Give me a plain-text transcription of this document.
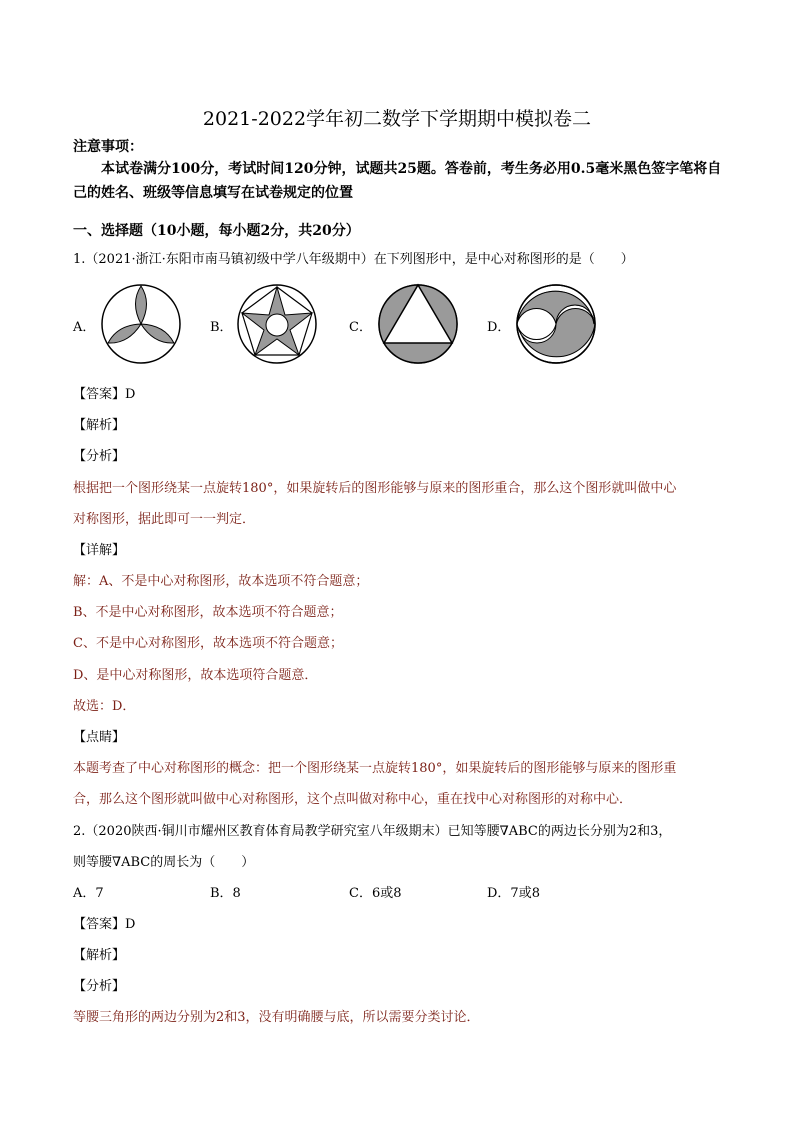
2021-2022学年初二数学下学期期中模拟卷二
注意事项：
本试卷满分100分，考试时间120分钟，试题共25题。答卷前，考生务必用0.5毫米黑色签字笔将自己的姓名、班级等信息填写在试卷规定的位置
一、选择题（10小题，每小题2分，共20分）
1.（2021·浙江·东阳市南马镇初级中学八年级期中）在下列图形中，是中心对称图形的是（　　）
A．	B．	C．	D．
【答案】D
【解析】
【分析】
根据把一个图形绕某一点旋转180°，如果旋转后的图形能够与原来的图形重合，那么这个图形就叫做中心
对称图形，据此即可一一判定．
【详解】
解：A、不是中心对称图形，故本选项不符合题意；
B、不是中心对称图形，故本选项不符合题意；
C、不是中心对称图形，故本选项不符合题意；
D、是中心对称图形，故本选项符合题意．
故选：D．
【点睛】
本题考查了中心对称图形的概念：把一个图形绕某一点旋转180°，如果旋转后的图形能够与原来的图形重
合，那么这个图形就叫做中心对称图形，这个点叫做对称中心，重在找中心对称图形的对称中心．
2.（2020陕西·铜川市耀州区教育体育局教学研究室八年级期末）已知等腰∇ABC的两边长分别为2和3，
则等腰∇ABC的周长为（　　）
A．7	B．8	C．6或8	D．7或8
【答案】D
【解析】
【分析】
等腰三角形的两边分别为2和3，没有明确腰与底，所以需要分类讨论．
